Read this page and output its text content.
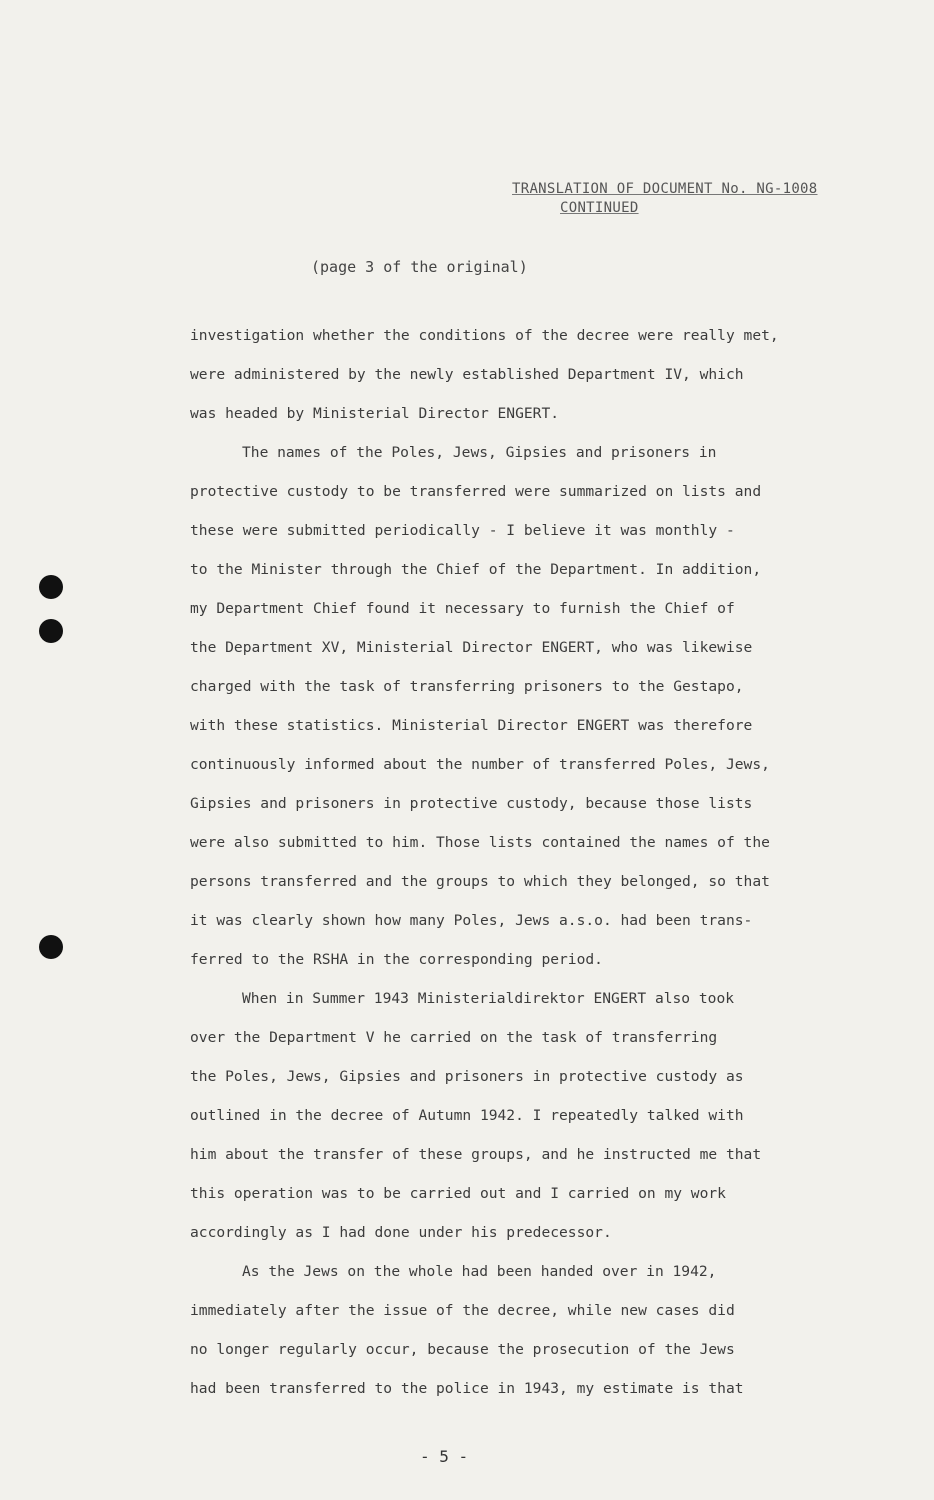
TRANSLATION OF DOCUMENT No. NG-1008
CONTINUED
(page 3 of the original)
investigation whether the conditions of the decree were really met,
were administered by the newly established Department IV, which
was headed by Ministerial Director ENGERT.
The names of the Poles, Jews, Gipsies and prisoners in
protective custody to be transferred were summarized on lists and
these were submitted periodically - I believe it was monthly -
to the Minister through the Chief of the Department. In addition,
my Department Chief found it necessary to furnish the Chief of
the Department XV, Ministerial Director ENGERT, who was likewise
charged with the task of transferring prisoners to the Gestapo,
with these statistics. Ministerial Director ENGERT was therefore
continuously informed about the number of transferred Poles, Jews,
Gipsies and prisoners in protective custody, because those lists
were also submitted to him. Those lists contained the names of the
persons transferred and the groups to which they belonged, so that
it was clearly shown how many Poles, Jews a.s.o. had been trans-
ferred to the RSHA in the corresponding period.
When in Summer 1943 Ministerialdirektor ENGERT also took
over the Department V he carried on the task of transferring
the Poles, Jews, Gipsies and prisoners in protective custody as
outlined in the decree of Autumn 1942. I repeatedly talked with
him about the transfer of these groups, and he instructed me that
this operation was to be carried out and I carried on my work
accordingly as I had done under his predecessor.
As the Jews on the whole had been handed over in 1942,
immediately after the issue of the decree, while new cases did
no longer regularly occur, because the prosecution of the Jews
had been transferred to the police in 1943, my estimate is that
- 5 -
